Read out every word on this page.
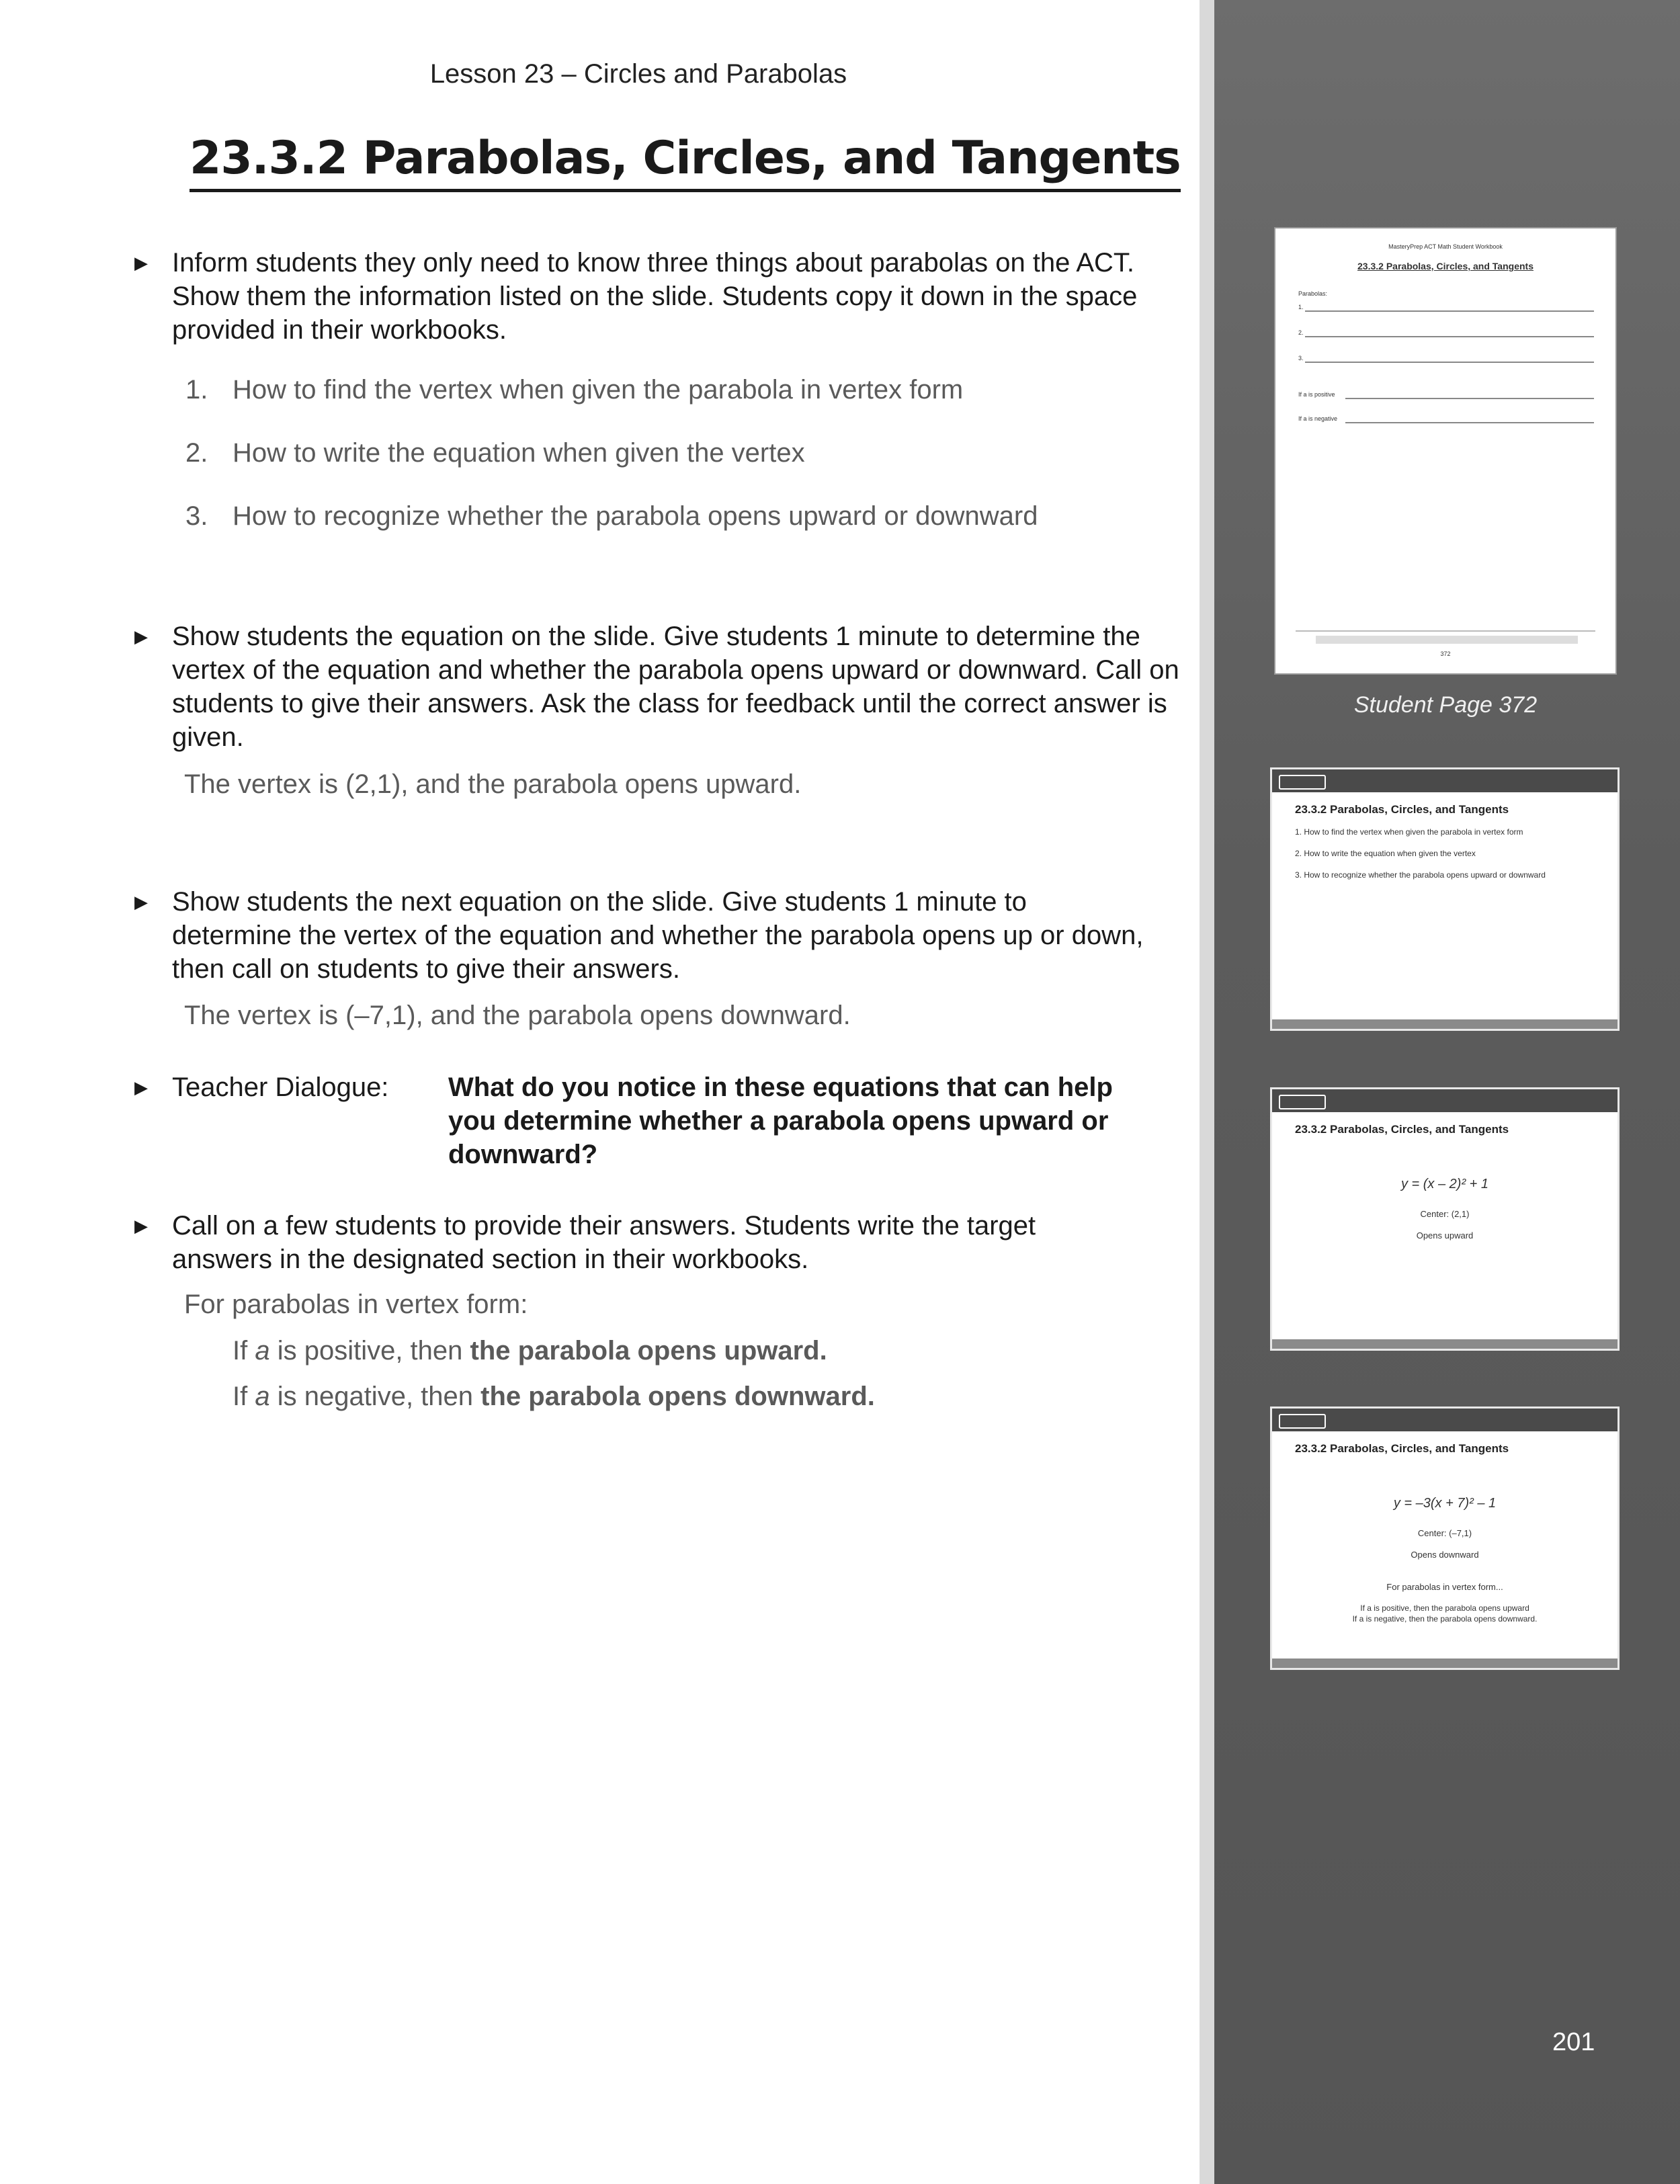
Lesson 23 – Circles and Parabolas
23.3.2 Parabolas, Circles, and Tangents
▶ Inform students they only need to know three things about parabolas on the ACT. Show them the information listed on the slide. Students copy it down in the space provided in their workbooks.
1. How to find the vertex when given the parabola in vertex form
2. How to write the equation when given the vertex
3. How to recognize whether the parabola opens upward or downward
▶ Show students the equation on the slide. Give students 1 minute to determine the vertex of the equation and whether the parabola opens upward or downward. Call on students to give their answers. Ask the class for feedback until the correct answer is given.
The vertex is (2,1), and the parabola opens upward.
▶ Show students the next equation on the slide. Give students 1 minute to determine the vertex of the equation and whether the parabola opens up or down, then call on students to give their answers.
The vertex is (–7,1), and the parabola opens downward.
▶ Teacher Dialogue: What do you notice in these equations that can help you determine whether a parabola opens upward or downward?
▶ Call on a few students to provide their answers. Students write the target answers in the designated section in their workbooks.
For parabolas in vertex form:
If a is positive, then the parabola opens upward.
If a is negative, then the parabola opens downward.
MasteryPrep ACT Math Student Workbook
23.3.2 Parabolas, Circles, and Tangents
Parabolas:
1.
2.
3.
If a is positive
If a is negative
372
Student Page 372
23.3.2 Parabolas, Circles, and Tangents
1. How to find the vertex when given the parabola in vertex form
2. How to write the equation when given the vertex
3. How to recognize whether the parabola opens upward or downward
23.3.2 Parabolas, Circles, and Tangents
y = (x – 2)² + 1
Center: (2,1)
Opens upward
23.3.2 Parabolas, Circles, and Tangents
y = –3(x + 7)² – 1
Center: (–7,1)
Opens downward
For parabolas in vertex form...
If a is positive, then the parabola opens upward
If a is negative, then the parabola opens downward.
201
